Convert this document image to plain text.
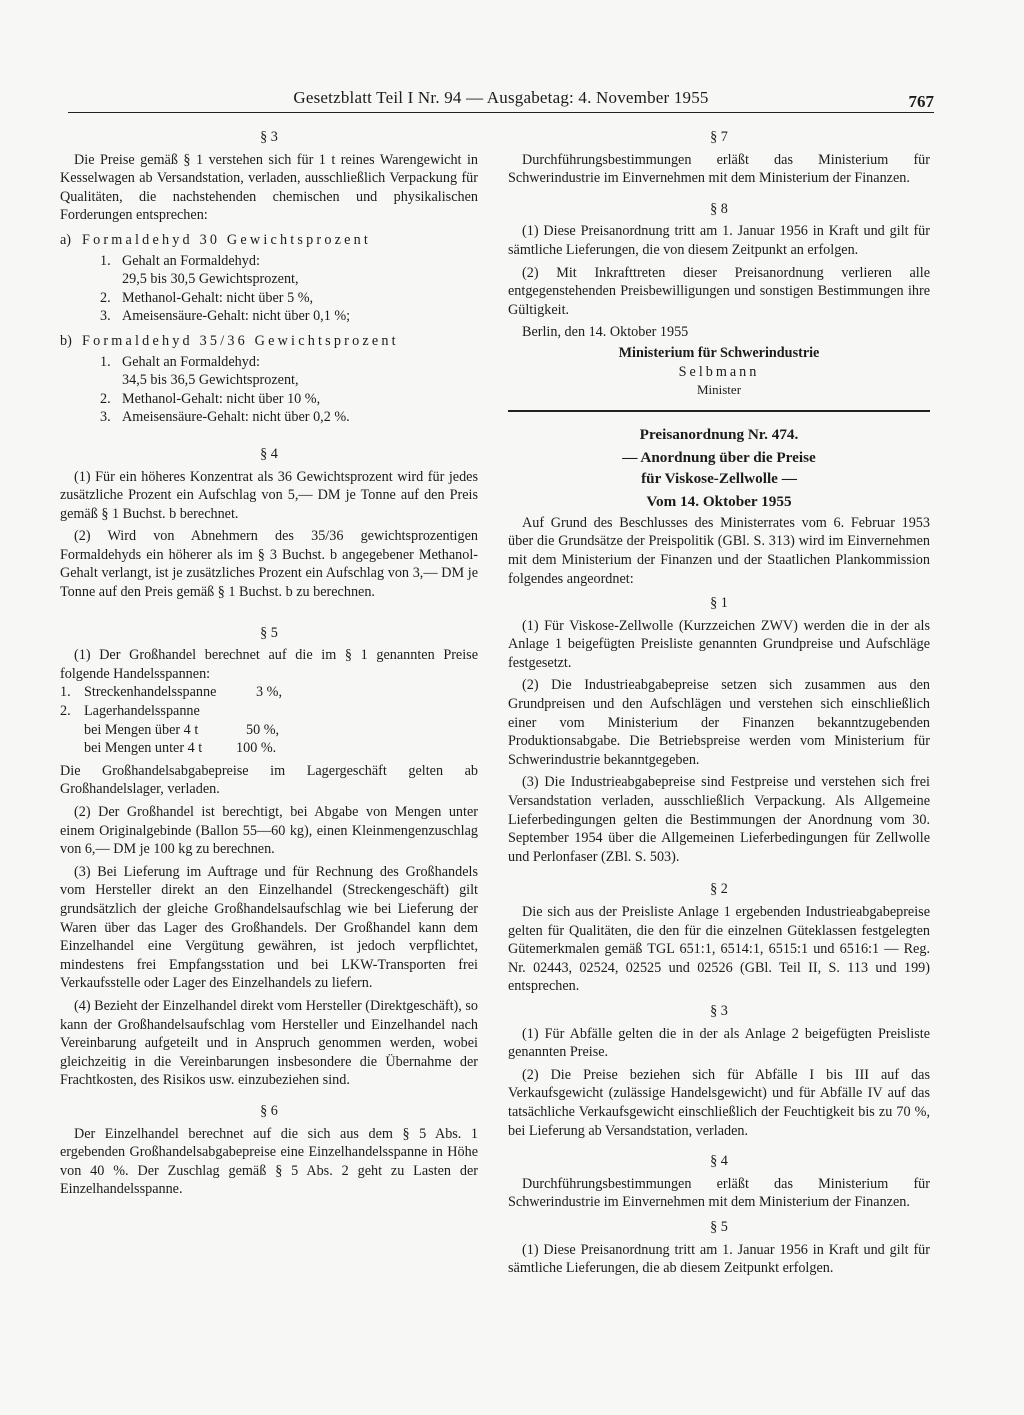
Gesetzblatt Teil I Nr. 94 — Ausgabetag: 4. November 1955	767
§ 3

Die Preise gemäß § 1 verstehen sich für 1 t reines Warengewicht in Kesselwagen ab Versandstation, verladen, ausschließlich Verpackung für Qualitäten, die nachstehenden chemischen und physikalischen Forderungen entsprechen:

a) Formaldehyd 30 Gewichtsprozent
1. Gehalt an Formaldehyd:
29,5 bis 30,5 Gewichtsprozent,
2. Methanol-Gehalt: nicht über 5 %,
3. Ameisensäure-Gehalt: nicht über 0,1 %;
b) Formaldehyd 35/36 Gewichtsprozent
1. Gehalt an Formaldehyd:
34,5 bis 36,5 Gewichtsprozent,
2. Methanol-Gehalt: nicht über 10 %,
3. Ameisensäure-Gehalt: nicht über 0,2 %.
§ 4

(1) Für ein höheres Konzentrat als 36 Gewichtsprozent wird für jedes zusätzliche Prozent ein Aufschlag von 5,— DM je Tonne auf den Preis gemäß § 1 Buchst. b berechnet.

(2) Wird von Abnehmern des 35/36 gewichtsprozentigen Formaldehyds ein höherer als im § 3 Buchst. b angegebener Methanol-Gehalt verlangt, ist je zusätzliches Prozent ein Aufschlag von 3,— DM je Tonne auf den Preis gemäß § 1 Buchst. b zu berechnen.

§ 5

(1) Der Großhandel berechnet auf die im § 1 genannten Preise folgende Handelsspannen:

1. Streckenhandelsspanne	3 %,
2. Lagerhandelsspanne
bei Mengen über 4 t	50 %,
bei Mengen unter 4 t	100 %.

Die Großhandelsabgabepreise im Lagergeschäft gelten ab Großhandelslager, verladen.

(2) Der Großhandel ist berechtigt, bei Abgabe von Mengen unter einem Originalgebinde (Ballon 55—60 kg), einen Kleinmengenzuschlag von 6,— DM je 100 kg zu berechnen.

(3) Bei Lieferung im Auftrage und für Rechnung des Großhandels vom Hersteller direkt an den Einzelhandel (Streckengeschäft) gilt grundsätzlich der gleiche Großhandelsaufschlag wie bei Lieferung der Waren über das Lager des Großhandels. Der Großhandel kann dem Einzelhandel eine Vergütung gewähren, ist jedoch verpflichtet, mindestens frei Empfangsstation und bei LKW-Transporten frei Verkaufsstelle oder Lager des Einzelhandels zu liefern.

(4) Bezieht der Einzelhandel direkt vom Hersteller (Direktgeschäft), so kann der Großhandelsaufschlag vom Hersteller und Einzelhandel nach Vereinbarung aufgeteilt und in Anspruch genommen werden, wobei gleichzeitig in die Vereinbarungen insbesondere die Übernahme der Frachtkosten, des Risikos usw. einzubeziehen sind.

§ 6

Der Einzelhandel berechnet auf die sich aus dem § 5 Abs. 1 ergebenden Großhandelsabgabepreise eine Einzelhandelsspanne in Höhe von 40 %. Der Zuschlag gemäß § 5 Abs. 2 geht zu Lasten der Einzelhandelsspanne.

§ 7

Durchführungsbestimmungen erläßt das Ministerium für Schwerindustrie im Einvernehmen mit dem Ministerium der Finanzen.

§ 8

(1) Diese Preisanordnung tritt am 1. Januar 1956 in Kraft und gilt für sämtliche Lieferungen, die von diesem Zeitpunkt an erfolgen.

(2) Mit Inkrafttreten dieser Preisanordnung verlieren alle entgegenstehenden Preisbewilligungen und sonstigen Bestimmungen ihre Gültigkeit.

Berlin, den 14. Oktober 1955
Ministerium für Schwerindustrie
Selbmann
Minister
Preisanordnung Nr. 474.
— Anordnung über die Preise
für Viskose-Zellwolle —
Vom 14. Oktober 1955

Auf Grund des Beschlusses des Ministerrates vom 6. Februar 1953 über die Grundsätze der Preispolitik (GBl. S. 313) wird im Einvernehmen mit dem Ministerium der Finanzen und der Staatlichen Plankommission folgendes angeordnet:

§ 1

(1) Für Viskose-Zellwolle (Kurzzeichen ZWV) werden die in der als Anlage 1 beigefügten Preisliste genannten Grundpreise und Aufschläge festgesetzt.

(2) Die Industrieabgabepreise setzen sich zusammen aus den Grundpreisen und den Aufschlägen und verstehen sich einschließlich einer vom Ministerium der Finanzen bekanntzugebenden Produktionsabgabe. Die Betriebspreise werden vom Ministerium für Schwerindustrie bekanntgegeben.

(3) Die Industrieabgabepreise sind Festpreise und verstehen sich frei Versandstation verladen, ausschließlich Verpackung. Als Allgemeine Lieferbedingungen gelten die Bestimmungen der Anordnung vom 30. September 1954 über die Allgemeinen Lieferbedingungen für Zellwolle und Perlonfaser (ZBl. S. 503).

§ 2

Die sich aus der Preisliste Anlage 1 ergebenden Industrieabgabepreise gelten für Qualitäten, die den für die einzelnen Güteklassen festgelegten Gütemerkmalen gemäß TGL 651:1, 6514:1, 6515:1 und 6516:1 — Reg. Nr. 02443, 02524, 02525 und 02526 (GBl. Teil II, S. 113 und 199) entsprechen.

§ 3

(1) Für Abfälle gelten die in der als Anlage 2 beigefügten Preisliste genannten Preise.

(2) Die Preise beziehen sich für Abfälle I bis III auf das Verkaufsgewicht (zulässige Handelsgewicht) und für Abfälle IV auf das tatsächliche Verkaufsgewicht einschließlich der Feuchtigkeit bis zu 70 %, bei Lieferung ab Versandstation, verladen.

§ 4

Durchführungsbestimmungen erläßt das Ministerium für Schwerindustrie im Einvernehmen mit dem Ministerium der Finanzen.

§ 5

(1) Diese Preisanordnung tritt am 1. Januar 1956 in Kraft und gilt für sämtliche Lieferungen, die ab diesem Zeitpunkt erfolgen.
